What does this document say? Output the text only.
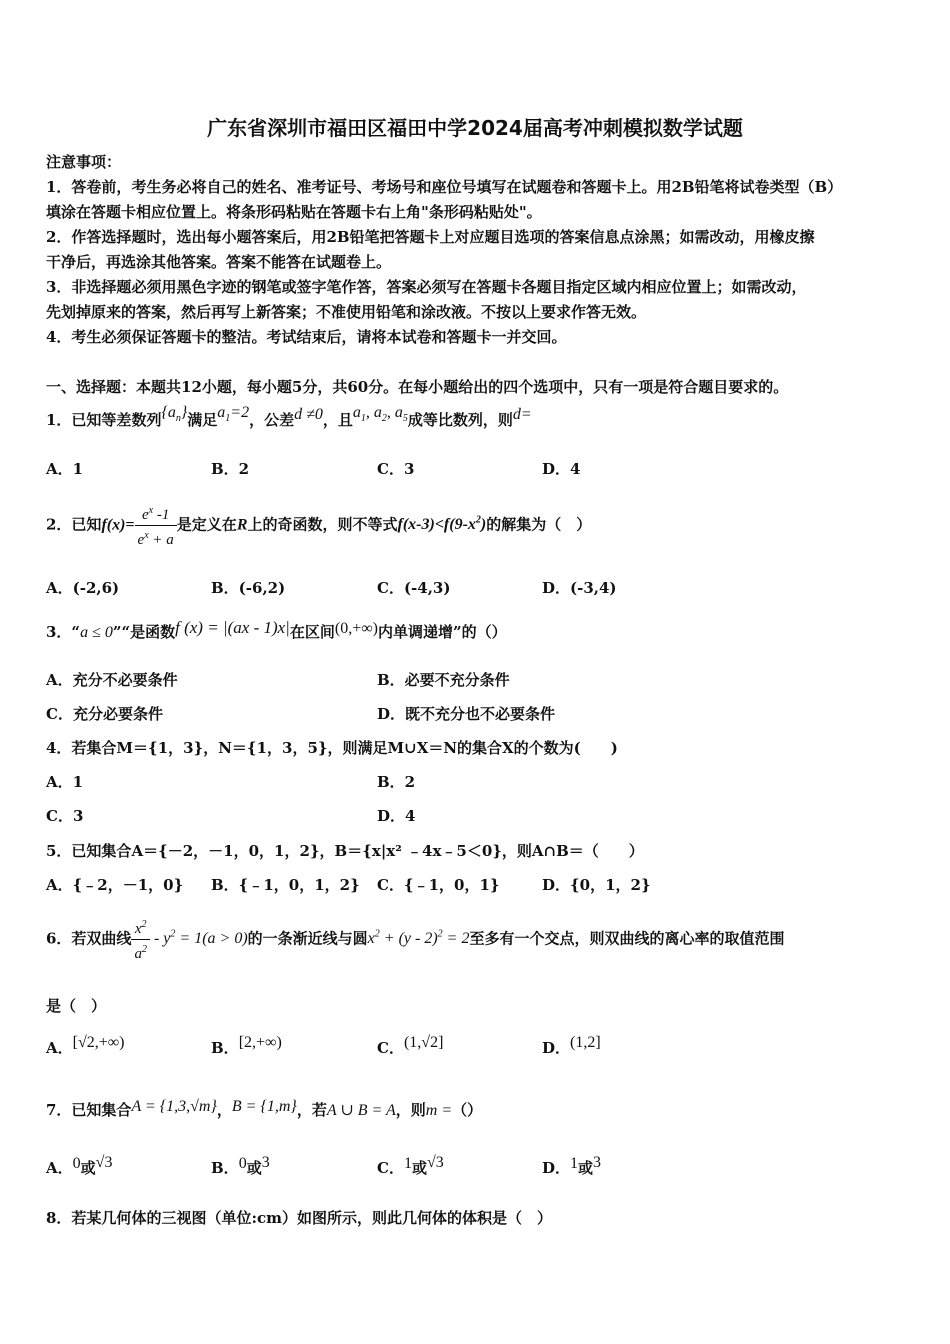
广东省深圳市福田区福田中学2024届高考冲刺模拟数学试题
注意事项：
1．答卷前，考生务必将自己的姓名、准考证号、考场号和座位号填写在试题卷和答题卡上。用2B铅笔将试卷类型（B）
填涂在答题卡相应位置上。将条形码粘贴在答题卡右上角"条形码粘贴处"。
2．作答选择题时，选出每小题答案后，用2B铅笔把答题卡上对应题目选项的答案信息点涂黑；如需改动，用橡皮擦
干净后，再选涂其他答案。答案不能答在试题卷上。
3．非选择题必须用黑色字迹的钢笔或签字笔作答，答案必须写在答题卡各题目指定区域内相应位置上；如需改动，
先划掉原来的答案，然后再写上新答案；不准使用铅笔和涂改液。不按以上要求作答无效。
4．考生必须保证答题卡的整洁。考试结束后，请将本试卷和答题卡一并交回。
一、选择题：本题共12小题，每小题5分，共60分。在每小题给出的四个选项中，只有一项是符合题目要求的。
1．已知等差数列$\{a_n\}$满足$a_1=2$，公差d ≠0，且$a_1$, $a_2$, $a_5$成等比数列，则d=
A．1	B．2	C．3	D．4
2．已知$f(x)= \frac{e^x -1}{e^x + a}$ 是定义在R上的奇函数，则不等式$f(x-3)<f(9-x^2)$的解集为（　）
A．(-2,6)	B．(-6,2)	C．(-4,3)	D．(-3,4)
3．“a ≤ 0”“是函数f (x) = |(ax - 1)x|在区间(0,+∞)内单调递增”的（）
A．充分不必要条件	B．必要不充分条件
C．充分必要条件	D．既不充分也不必要条件
4．若集合M＝{1，3}，N＝{1，3，5}，则满足M∪X＝N的集合X的个数为(　　)
A．1	B．2
C．3	D．4
5．已知集合A＝{－2，－1，0，1，2}，B＝{x|x² ﹣4x﹣5＜0}，则A∩B＝（　　）
A．{﹣2，－1，0} B．{﹣1，0，1，2} C．{﹣1，0，1}	D．{0，1，2}
6．若双曲线 $\frac{x^2}{a^2} - y^2 = 1(a > 0)$的一条渐近线与圆$x^2 + (y - 2)^2 = 2$至多有一个交点，则双曲线的离心率的取值范围
是（　）
A．[√2,+∞)	B．[2,+∞)	C．(1,√2]	D．(1,2]
7．已知集合A = {1,3,√m}，B = {1,m}，若A ∪ B = A，则m =（）
A．0或√3	B．0或3	C．1或√3	D．1或3
8．若某几何体的三视图（单位:cm）如图所示，则此几何体的体积是（　）
